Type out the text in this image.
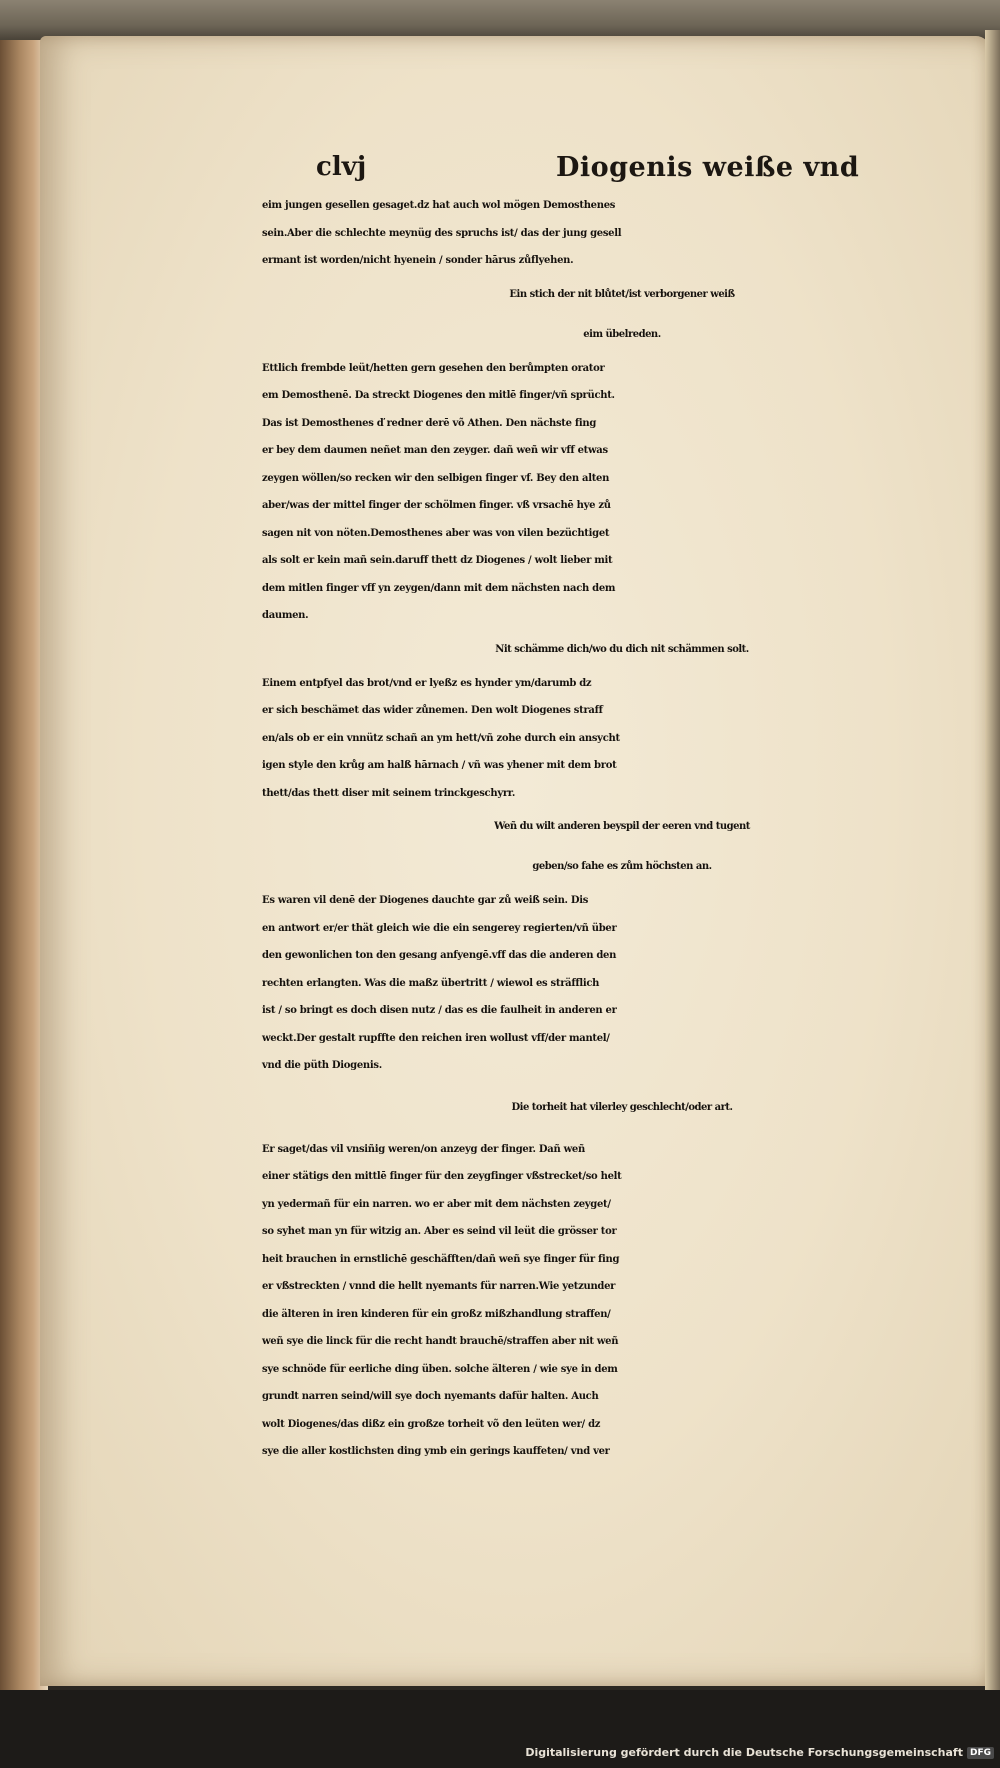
clvj	Diogenis weiße vnd
eim jungen gesellen gesaget.dz hat auch wol mögen Demosthenes
sein.Aber die schlechte meynüg des spruchs ist/ das der jung gesell
ermant ist worden/nicht hyenein / sonder hārus zůflyehen.
Ein stich der nit blůtet/ist verborgener weiß
eim übelreden.
Ettlich frembde leüt/hetten gern gesehen den berůmpten orator
em Demosthenē. Da streckt Diogenes den mitlē finger/vñ sprücht.
Das ist Demosthenes ď redner derē võ Athen. Den nächste fing
er bey dem daumen neñet man den zeyger. dañ weñ wir vff etwas
zeygen wöllen/so recken wir den selbigen finger vf. Bey den alten
aber/was der mittel finger der schölmen finger. vß vrsachē hye zů
sagen nit von nöten.Demosthenes aber was von vilen bezüchtiget
als solt er kein mañ sein.daruff thett dz Diogenes / wolt lieber mit
dem mitlen finger vff yn zeygen/dann mit dem nächsten nach dem
daumen.
Nit schämme dich/wo du dich nit schämmen solt.
Einem entpfyel das brot/vnd er lyeßz es hynder ym/darumb dz
er sich beschämet das wider zůnemen. Den wolt Diogenes straff
en/als ob er ein vnnütz schañ an ym hett/vñ zohe durch ein ansycht
igen style den krůg am halß hārnach / vñ was yhener mit dem brot
thett/das thett diser mit seinem trinckgeschyrr.
Weñ du wilt anderen beyspil der eeren vnd tugent
geben/so fahe es zům höchsten an.
Es waren vil denē der Diogenes dauchte gar zů weiß sein. Dis
en antwort er/er thät gleich wie die ein sengerey regierten/vñ über
den gewonlichen ton den gesang anfyengē.vff das die anderen den
rechten erlangten. Was die maßz übertritt / wiewol es sträfflich
ist / so bringt es doch disen nutz / das es die faulheit in anderen er
weckt.Der gestalt rupffte den reichen iren wollust vff/der mantel/
vnd die püth Diogenis.
Die torheit hat vilerley geschlecht/oder art.
Er saget/das vil vnsiñig weren/on anzeyg der finger. Dañ weñ
einer stätigs den mittlē finger für den zeygfinger vßstrecket/so helt
yn yedermañ für ein narren. wo er aber mit dem nächsten zeyget/
so syhet man yn für witzig an. Aber es seind vil leüt die grösser tor
heit brauchen in ernstlichē geschäfften/dañ weñ sye finger für fing
er vßstreckten / vnnd die hellt nyemants für narren.Wie yetzunder
die älteren in iren kinderen für ein großz mißzhandlung straffen/
weñ sye die linck für die recht handt brauchē/straffen aber nit weñ
sye schnöde für eerliche ding üben. solche älteren / wie sye in dem
grundt narren seind/will sye doch nyemants dafür halten. Auch
wolt Diogenes/das dißz ein großze torheit võ den leüten wer/ dz
sye die aller kostlichsten ding ymb ein gerings kauffeten/ vnd ver
Digitalisierung gefördert durch die Deutsche Forschungsgemeinschaft DFG
